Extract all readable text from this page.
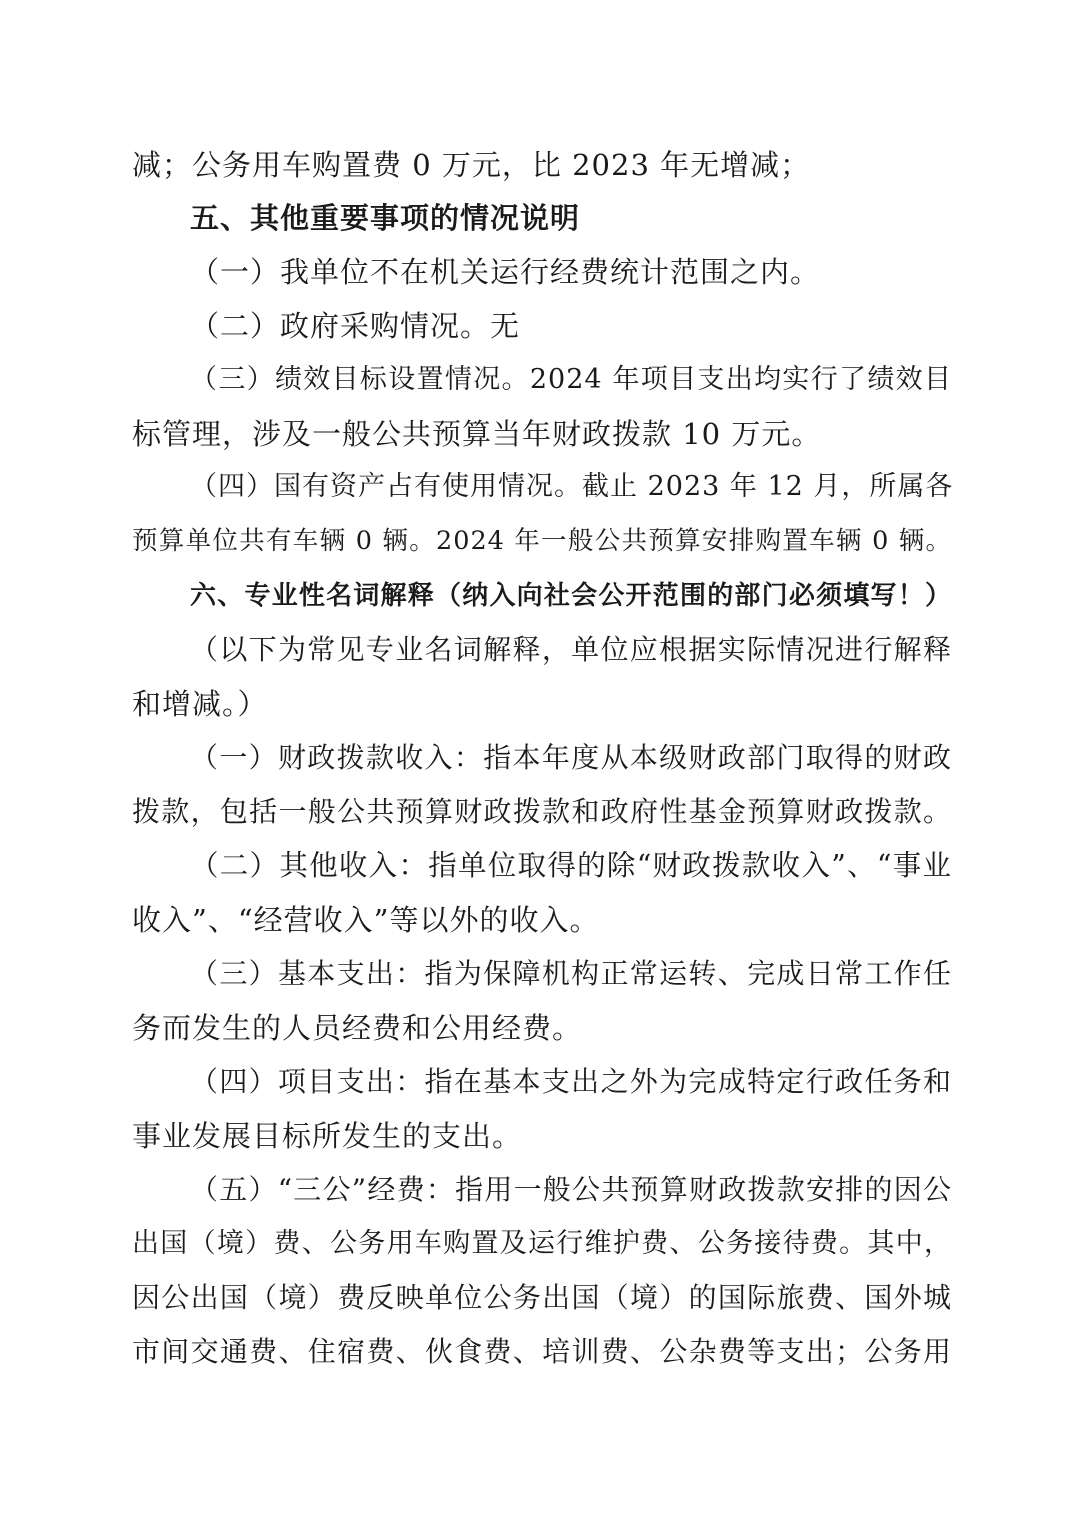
减；公务用车购置费 0 万元，比 2023 年无增减；
五、其他重要事项的情况说明
（一）我单位不在机关运行经费统计范围之内。
（二）政府采购情况。无
（三）绩效目标设置情况。2024 年项目支出均实行了绩效目
标管理，涉及一般公共预算当年财政拨款 10 万元。
（四）国有资产占有使用情况。截止 2023 年 12 月，所属各
预算单位共有车辆 0 辆。2024 年一般公共预算安排购置车辆 0 辆。
六、专业性名词解释（纳入向社会公开范围的部门必须填写！）
（以下为常见专业名词解释，单位应根据实际情况进行解释
和增减。）
（一）财政拨款收入：指本年度从本级财政部门取得的财政
拨款，包括一般公共预算财政拨款和政府性基金预算财政拨款。
（二）其他收入：指单位取得的除“财政拨款收入”、“事业
收入”、“经营收入”等以外的收入。
（三）基本支出：指为保障机构正常运转、完成日常工作任
务而发生的人员经费和公用经费。
（四）项目支出：指在基本支出之外为完成特定行政任务和
事业发展目标所发生的支出。
（五）“三公”经费：指用一般公共预算财政拨款安排的因公
出国（境）费、公务用车购置及运行维护费、公务接待费。其中，
因公出国（境）费反映单位公务出国（境）的国际旅费、国外城
市间交通费、住宿费、伙食费、培训费、公杂费等支出；公务用
